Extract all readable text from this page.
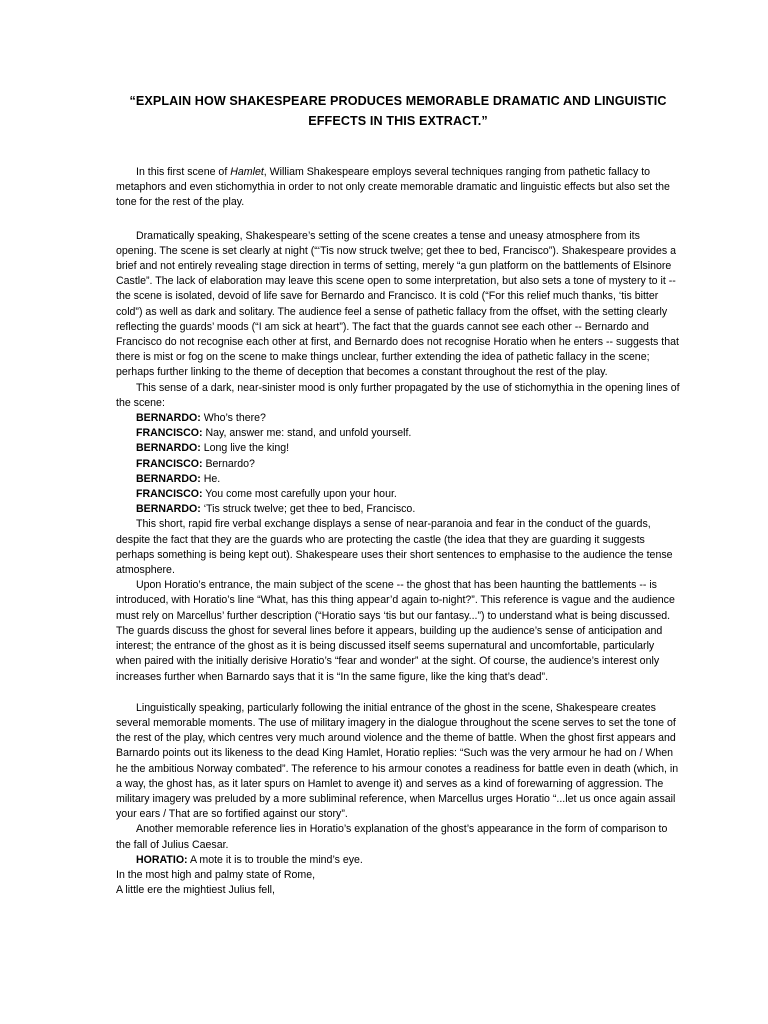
“EXPLAIN HOW SHAKESPEARE PRODUCES MEMORABLE DRAMATIC AND LINGUISTIC
EFFECTS IN THIS EXTRACT.”

In this first scene of Hamlet, William Shakespeare employs several techniques ranging from pathetic fallacy to metaphors and even stichomythia in order to not only create memorable dramatic and linguistic effects but also set the tone for the rest of the play.

Dramatically speaking, Shakespeare’s setting of the scene creates a tense and uneasy atmosphere from its opening. The scene is set clearly at night (“‘Tis now struck twelve; get thee to bed, Francisco”). Shakespeare provides a brief and not entirely revealing stage direction in terms of setting, merely “a gun platform on the battlements of Elsinore Castle”. The lack of elaboration may leave this scene open to some interpretation, but also sets a tone of mystery to it -- the scene is isolated, devoid of life save for Bernardo and Francisco. It is cold (“For this relief much thanks, ‘tis bitter cold”) as well as dark and solitary. The audience feel a sense of pathetic fallacy from the offset, with the setting clearly reflecting the guards’ moods (“I am sick at heart”). The fact that the guards cannot see each other -- Bernardo and Francisco do not recognise each other at first, and Bernardo does not recognise Horatio when he enters -- suggests that there is mist or fog on the scene to make things unclear, further extending the idea of pathetic fallacy in the scene; perhaps further linking to the theme of deception that becomes a constant throughout the rest of the play.

This sense of a dark, near-sinister mood is only further propagated by the use of stichomythia in the opening lines of the scene:

BERNARDO: Who’s there?

FRANCISCO: Nay, answer me: stand, and unfold yourself.

BERNARDO: Long live the king!

FRANCISCO: Bernardo?

BERNARDO: He.

FRANCISCO: You come most carefully upon your hour.

BERNARDO: ‘Tis struck twelve; get thee to bed, Francisco.

This short, rapid fire verbal exchange displays a sense of near-paranoia and fear in the conduct of the guards, despite the fact that they are the guards who are protecting the castle (the idea that they are guarding it suggests perhaps something is being kept out). Shakespeare uses their short sentences to emphasise to the audience the tense atmosphere.

Upon Horatio’s entrance, the main subject of the scene -- the ghost that has been haunting the battlements -- is introduced, with Horatio’s line “What, has this thing appear’d again to-night?”. This reference is vague and the audience must rely on Marcellus’ further description (“Horatio says ‘tis but our fantasy...”) to understand what is being discussed. The guards discuss the ghost for several lines before it appears, building up the audience’s sense of anticipation and interest; the entrance of the ghost as it is being discussed itself seems supernatural and uncomfortable, particularly when paired with the initially derisive Horatio’s “fear and wonder” at the sight. Of course, the audience’s interest only increases further when Barnardo says that it is “In the same figure, like the king that’s dead”.

Linguistically speaking, particularly following the initial entrance of the ghost in the scene, Shakespeare creates several memorable moments. The use of military imagery in the dialogue throughout the scene serves to set the tone of the rest of the play, which centres very much around violence and the theme of battle. When the ghost first appears and Barnardo points out its likeness to the dead King Hamlet, Horatio replies: “Such was the very armour he had on / When he the ambitious Norway combated”. The reference to his armour conotes a readiness for battle even in death (which, in a way, the ghost has, as it later spurs on Hamlet to avenge it) and serves as a kind of forewarning of aggression. The military imagery was preluded by a more subliminal reference, when Marcellus urges Horatio “...let us once again assail your ears / That are so fortified against our story”.

Another memorable reference lies in Horatio’s explanation of the ghost’s appearance in the form of comparison to the fall of Julius Caesar.

HORATIO: A mote it is to trouble the mind’s eye.

In the most high and palmy state of Rome,

A little ere the mightiest Julius fell,
